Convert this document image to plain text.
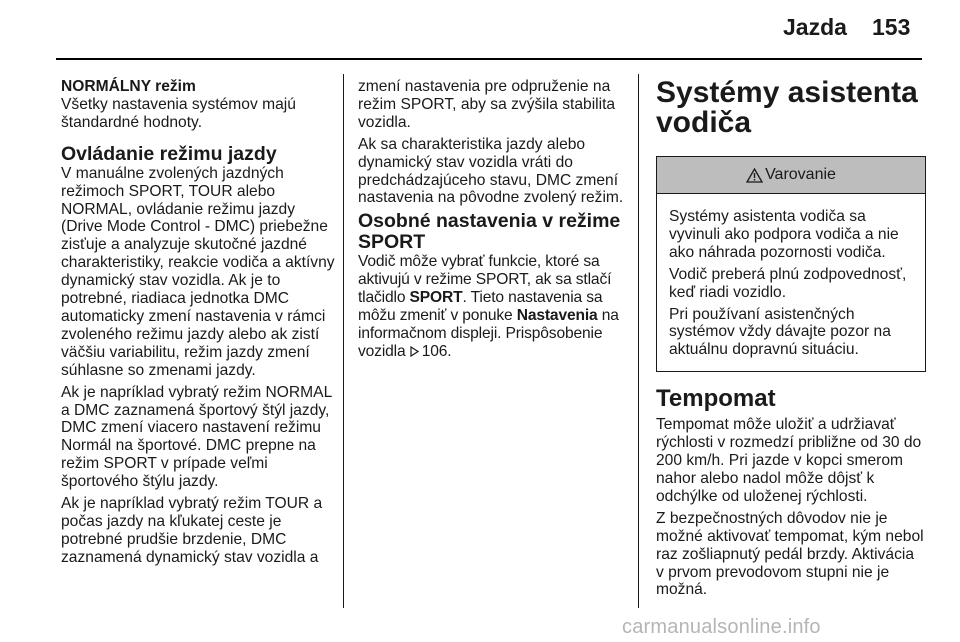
Jazda 153
NORMÁLNY režim

Všetky nastavenia systémov majú štandardné hodnoty.

Ovládanie režimu jazdy

V manuálne zvolených jazdných režimoch SPORT, TOUR alebo NORMAL, ovládanie režimu jazdy (Drive Mode Control - DMC) priebežne zisťuje a analyzuje skutočné jazdné charakteristiky, reakcie vodiča a aktívny dynamický stav vozidla. Ak je to potrebné, riadiaca jednotka DMC automaticky zmení nastavenia v rámci zvoleného režimu jazdy alebo ak zistí väčšiu variabilitu, režim jazdy zmení súhlasne so zmenami jazdy.

Ak je napríklad vybratý režim NORMAL a DMC zaznamená športový štýl jazdy, DMC zmení viacero nastavení režimu Normál na športové. DMC prepne na režim SPORT v prípade veľmi športového štýlu jazdy.

Ak je napríklad vybratý režim TOUR a počas jazdy na kľukatej ceste je potrebné prudšie brzdenie, DMC zaznamená dynamický stav vozidla a

zmení nastavenia pre odpruženie na režim SPORT, aby sa zvýšila stabilita vozidla.

Ak sa charakteristika jazdy alebo dynamický stav vozidla vráti do predchádzajúceho stavu, DMC zmení nastavenia na pôvodne zvolený režim.

Osobné nastavenia v režime SPORT

Vodič môže vybrať funkcie, ktoré sa aktivujú v režime SPORT, ak sa stlačí tlačidlo SPORT. Tieto nastavenia sa môžu zmeniť v ponuke Nastavenia na informačnom displeji. Prispôsobenie vozidla 106.

Systémy asistenta vodiča
Varovanie

Systémy asistenta vodiča sa vyvinuli ako podpora vodiča a nie ako náhrada pozornosti vodiča.

Vodič preberá plnú zodpovednosť, keď riadi vozidlo.

Pri používaní asistenčných systémov vždy dávajte pozor na aktuálnu dopravnú situáciu.

Tempomat

Tempomat môže uložiť a udržiavať rýchlosti v rozmedzí približne od 30 do 200 km/h. Pri jazde v kopci smerom nahor alebo nadol môže dôjsť k odchýlke od uloženej rýchlosti.

Z bezpečnostných dôvodov nie je možné aktivovať tempomat, kým nebol raz zošliapnutý pedál brzdy. Aktivácia v prvom prevodovom stupni nie je možná.

carmanualsonline.info
